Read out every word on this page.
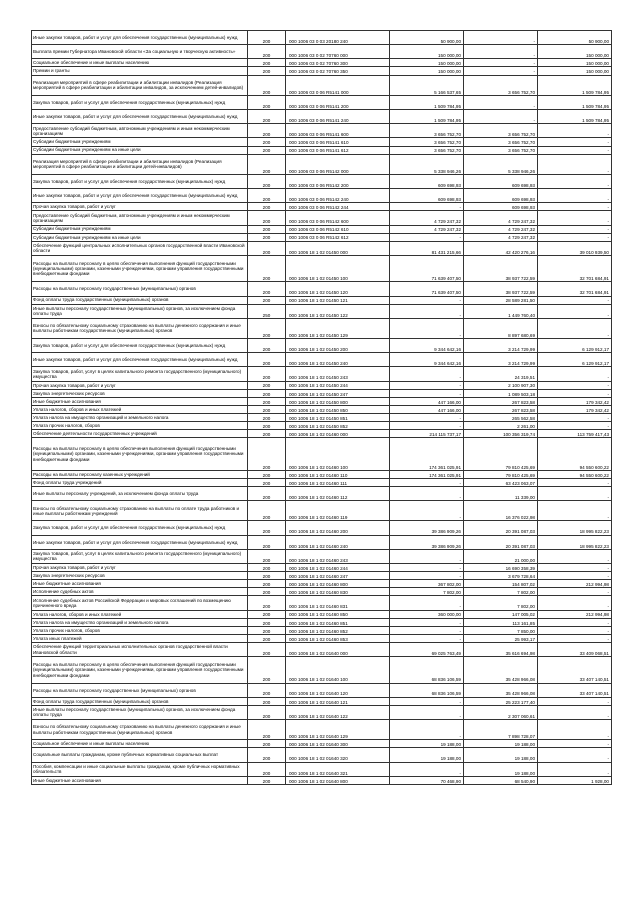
Иные закупки товаров, работ и услуг для обеспечения государственных (муниципальных) нужд	200	000 1006 03 0 03 20180 240	50 900,00	-	50 900,00
Выплата премии Губернатора Ивановской области «За социальную и творческую активность»	200	000 1006 03 0 02 70760 000	150 000,00	-	150 000,00
Социальное обеспечение и иные выплаты населению	200	000 1006 03 0 02 70760 300	150 000,00	-	150 000,00
Премии и гранты	200	000 1006 03 0 02 70760 350	150 000,00	-	150 000,00
Реализация мероприятий в сфере реабилитации и абилитации инвалидов (Реализация мероприятий в сфере реабилитации и абилитации инвалидов, за исключением детей-инвалидов)	200	000 1006 03 0 06 R5141 000	5 166 537,65	3 656 752,70	1 509 784,95
Закупка товаров, работ и услуг для обеспечения государственных (муниципальных) нужд	200	000 1006 03 0 06 R5141 200	1 509 784,95	-	1 509 784,95
Иные закупки товаров, работ и услуг для обеспечения государственных (муниципальных) нужд	200	000 1006 03 0 06 R5141 240	1 509 784,95	-	1 509 784,95
Предоставление субсидий бюджетным, автономным учреждениям и иным некоммерческим организациям	200	000 1006 03 0 06 R5141 600	3 656 752,70	3 656 752,70	-
Субсидии бюджетным учреждениям	200	000 1006 03 0 06 R5141 610	3 656 752,70	3 656 752,70	-
Субсидии бюджетным учреждениям на иные цели	200	000 1006 03 0 06 R5141 612	3 656 752,70	3 656 752,70	-
Реализация мероприятий в сфере реабилитации и абилитации инвалидов (Реализация мероприятий в сфере реабилитации и абилитации детей-инвалидов)	200	000 1006 03 0 06 R5142 000	5 338 946,26	5 338 946,26	-
Закупка товаров, работ и услуг для обеспечения государственных (муниципальных) нужд	200	000 1006 03 0 06 R5142 200	609 698,93	609 698,93	-
Иные закупки товаров, работ и услуг для обеспечения государственных (муниципальных) нужд	200	000 1006 03 0 06 R5142 240	609 698,93	609 698,93	-
Прочая закупка товаров, работ и услуг	200	000 1006 03 0 06 R5142 244	-	609 698,93	-
Предоставление субсидий бюджетным, автономным учреждениям и иным некоммерческим организациям	200	000 1006 03 0 06 R5142 600	4 729 247,32	4 729 247,32	-
Субсидии бюджетным учреждениям	200	000 1006 03 0 06 R5142 610	4 729 247,32	4 729 247,32	-
Субсидии бюджетным учреждениям на иные цели	200	000 1006 03 0 06 R5142 612	-	4 729 247,32	-
Обеспечение функций центральных исполнительных органов государственной власти Ивановской области	200	000 1006 18 1 02 01450 000	81 431 215,66	42 420 276,16	39 010 939,50
Расходы на выплаты персоналу в целях обеспечения выполнения функций государственными (муниципальными) органами, казенными учреждениями, органами управления государственными внебюджетными фондами	200	000 1006 18 1 02 01450 100	71 639 407,50	38 937 722,59	32 701 684,91
Расходы на выплаты персоналу государственных (муниципальных) органов	200	000 1006 18 1 02 01450 120	71 639 407,50	38 937 722,59	32 701 684,91
Фонд оплаты труда государственных (муниципальных) органов	200	000 1006 18 1 02 01450 121	-	28 589 281,50	-
Иные выплаты персоналу государственных (муниципальных) органов, за исключением фонда оплаты труда	250	000 1006 18 1 02 01450 122	-	1 449 760,40	-
Взносы по обязательному социальному страхованию на выплаты денежного содержания и иные выплаты работникам государственных (муниципальных) органов	200	000 1006 18 1 02 01450 129	-	8 897 680,69	-
Закупка товаров, работ и услуг для обеспечения государственных (муниципальных) нужд	200	000 1006 18 1 02 01450 200	9 344 642,16	3 214 729,99	6 129 912,17
Иные закупки товаров, работ и услуг для обеспечения государственных (муниципальных) нужд	200	000 1006 18 1 02 01450 240	9 344 642,16	3 214 729,99	6 129 912,17
Закупка товаров, работ, услуг в целях капитального ремонта государственного (муниципального) имущества	200	000 1006 18 1 02 01450 243	-	24 319,51	-
Прочая закупка товаров, работ и услуг	200	000 1006 18 1 02 01450 244	-	2 100 907,30	-
Закупка энергетических ресурсов	200	000 1006 18 1 02 01450 247	-	1 089 503,18	-
Иные бюджетные ассигнования	200	000 1006 18 1 02 01450 800	447 166,00	267 823,58	179 342,42
Уплата налогов, сборов и иных платежей	200	000 1006 18 1 02 01450 850	447 166,00	267 823,58	179 342,42
Уплата налога на имущество организаций и земельного налога	200	000 1006 18 1 02 01450 851	-	265 562,58	-
Уплата прочих налогов, сборов	200	000 1006 18 1 02 01450 852	-	2 261,00	-
Обеспечение деятельности государственных учреждений	200	000 1006 18 1 02 01460 000	214 115 737,17	100 356 319,74	113 759 417,43
Расходы на выплаты персоналу в целях обеспечения выполнения функций государственными (муниципальными) органами, казенными учреждениями, органами управления государственными внебюджетными фондами	200	000 1006 18 1 02 01460 100	174 361 025,91	79 810 425,69	94 550 600,22
Расходы на выплаты персоналу казенных учреждений	200	000 1006 18 1 02 01460 110	174 361 025,91	79 810 425,69	94 550 600,22
Фонд оплаты труда учреждений	200	000 1006 18 1 02 01460 111	-	63 423 063,07	-
Иные выплаты персоналу учреждений, за исключением фонда оплаты труда	200	000 1006 18 1 02 01460 112	-	11 339,00	-
Взносы по обязательному социальному страхованию на выплаты по оплате труда работников и иные выплаты работникам учреждений	200	000 1006 18 1 02 01460 119	-	16 376 022,98	-
Закупка товаров, работ и услуг для обеспечения государственных (муниципальных) нужд	200	000 1006 18 1 02 01460 200	39 386 909,26	20 391 087,03	18 995 822,23
Иные закупки товаров, работ и услуг для обеспечения государственных (муниципальных) нужд	200	000 1006 18 1 02 01460 240	39 386 909,26	20 391 087,03	18 995 822,23
Закупка товаров, работ, услуг в целях капитального ремонта государственного (муниципального) имущества	200	000 1006 18 1 02 01460 243	-	21 000,00	-
Прочая закупка товаров, работ и услуг	200	000 1006 18 1 02 01460 244	-	16 690 358,39	-
Закупка энергетических ресурсов	200	000 1006 18 1 02 01460 247	-	3 679 728,64	-
Иные бюджетные ассигнования	200	000 1006 18 1 02 01460 800	367 802,00	154 807,02	212 994,98
Исполнение судебных актов	200	000 1006 18 1 02 01460 830	7 802,00	7 802,00	-
Исполнение судебных актов Российской Федерации и мировых соглашений по возмещению причиненного вреда	200	000 1006 18 1 02 01460 831	-	7 802,00	-
Уплата налогов, сборов и иных платежей	200	000 1006 18 1 02 01460 850	360 000,00	147 005,02	212 994,98
Уплата налога на имущество организаций и земельного налога	200	000 1006 18 1 02 01460 851	-	113 161,85	-
Уплата прочих налогов, сборов	200	000 1006 18 1 02 01460 852	-	7 850,00	-
Уплата иных платежей	200	000 1006 18 1 02 01460 853	-	25 993,17	-
Обеспечение функций территориальных исполнительных органов государственной власти Ивановской области	200	000 1006 18 1 02 01640 000	69 025 763,49	35 616 694,98	33 409 068,51
Расходы на выплаты персоналу в целях обеспечения выполнения функций государственными (муниципальными) органами, казенными учреждениями, органами управления государственными внебюджетными фондами	200	000 1006 18 1 02 01640 100	68 836 106,59	35 428 966,08	33 407 140,51
Расходы на выплаты персоналу государственных (муниципальных) органов	200	000 1006 18 1 02 01640 120	68 836 106,59	35 428 966,08	33 407 140,51
Фонд оплаты труда государственных (муниципальных) органов	200	000 1006 18 1 02 01640 121	-	25 223 177,40	-
Иные выплаты персоналу государственных (муниципальных) органов, за исключением фонда оплаты труда	200	000 1006 18 1 02 01640 122	-	2 307 060,61	-
Взносы по обязательному социальному страхованию на выплаты денежного содержания и иные выплаты работникам государственных (муниципальных) органов	200	000 1006 18 1 02 01640 129	-	7 898 728,07	-
Социальное обеспечение и иные выплаты населению	200	000 1006 18 1 02 01640 300	19 188,00	19 188,00	-
Социальные выплаты гражданам, кроме публичных нормативных социальных выплат	200	000 1006 18 1 02 01640 320	19 188,00	19 188,00	-
Пособия, компенсации и иные социальные выплаты гражданам, кроме публичных нормативных обязательств	200	000 1006 18 1 02 01640 321	-	19 188,00	-
Иные бюджетные ассигнования	200	000 1006 18 1 02 01640 800	70 468,90	68 540,90	1 928,00
